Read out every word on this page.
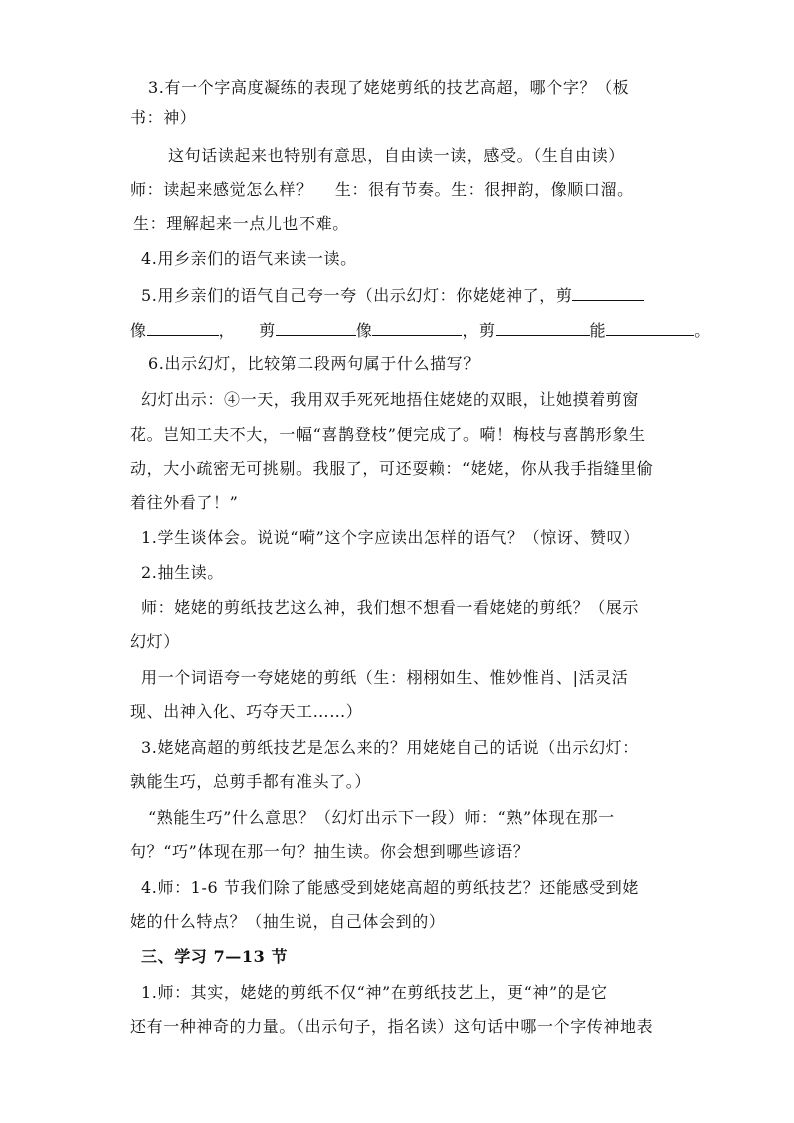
3.有一个字高度凝练的表现了姥姥剪纸的技艺高超，哪个字？（板
书：神）
这句话读起来也特别有意思，自由读一读，感受。（生自由读）
师：读起来感觉怎么样？　 生：很有节奏。生：很押韵，像顺口溜。
生：理解起来一点儿也不难。
4.用乡亲们的语气来读一读。
5.用乡亲们的语气自己夸一夸（出示幻灯：你姥姥神了，剪
像	， 剪	像	，剪	能	。
6.出示幻灯，比较第二段两句属于什么描写？
幻灯出示：④一天，我用双手死死地捂住姥姥的双眼，让她摸着剪窗
花。岂知工夫不大，一幅“喜鹊登枝”便完成了。嗬！梅枝与喜鹊形象生
动，大小疏密无可挑剔。我服了，可还耍赖：“姥姥，你从我手指缝里偷
着往外看了！”
1.学生谈体会。说说“嗬”这个字应读出怎样的语气？（惊讶、赞叹）
2.抽生读。
师：姥姥的剪纸技艺这么神，我们想不想看一看姥姥的剪纸？（展示
幻灯）
用一个词语夸一夸姥姥的剪纸（生：栩栩如生、惟妙惟肖、|活灵活
现、出神入化、巧夺天工……）
3.姥姥高超的剪纸技艺是怎么来的？用姥姥自己的话说（出示幻灯：
孰能生巧，总剪手都有准头了。）
“熟能生巧”什么意思？（幻灯出示下一段）师：“熟”体现在那一
句？“巧”体现在那一句？抽生读。你会想到哪些谚语？
4.师：1-6 节我们除了能感受到姥姥高超的剪纸技艺？还能感受到姥
姥的什么特点？（抽生说，自己体会到的）
三、学习 7—13 节
1.师：其实，姥姥的剪纸不仅“神”在剪纸技艺上，更“神”的是它
还有一种神奇的力量。（出示句子，指名读）这句话中哪一个字传神地表
